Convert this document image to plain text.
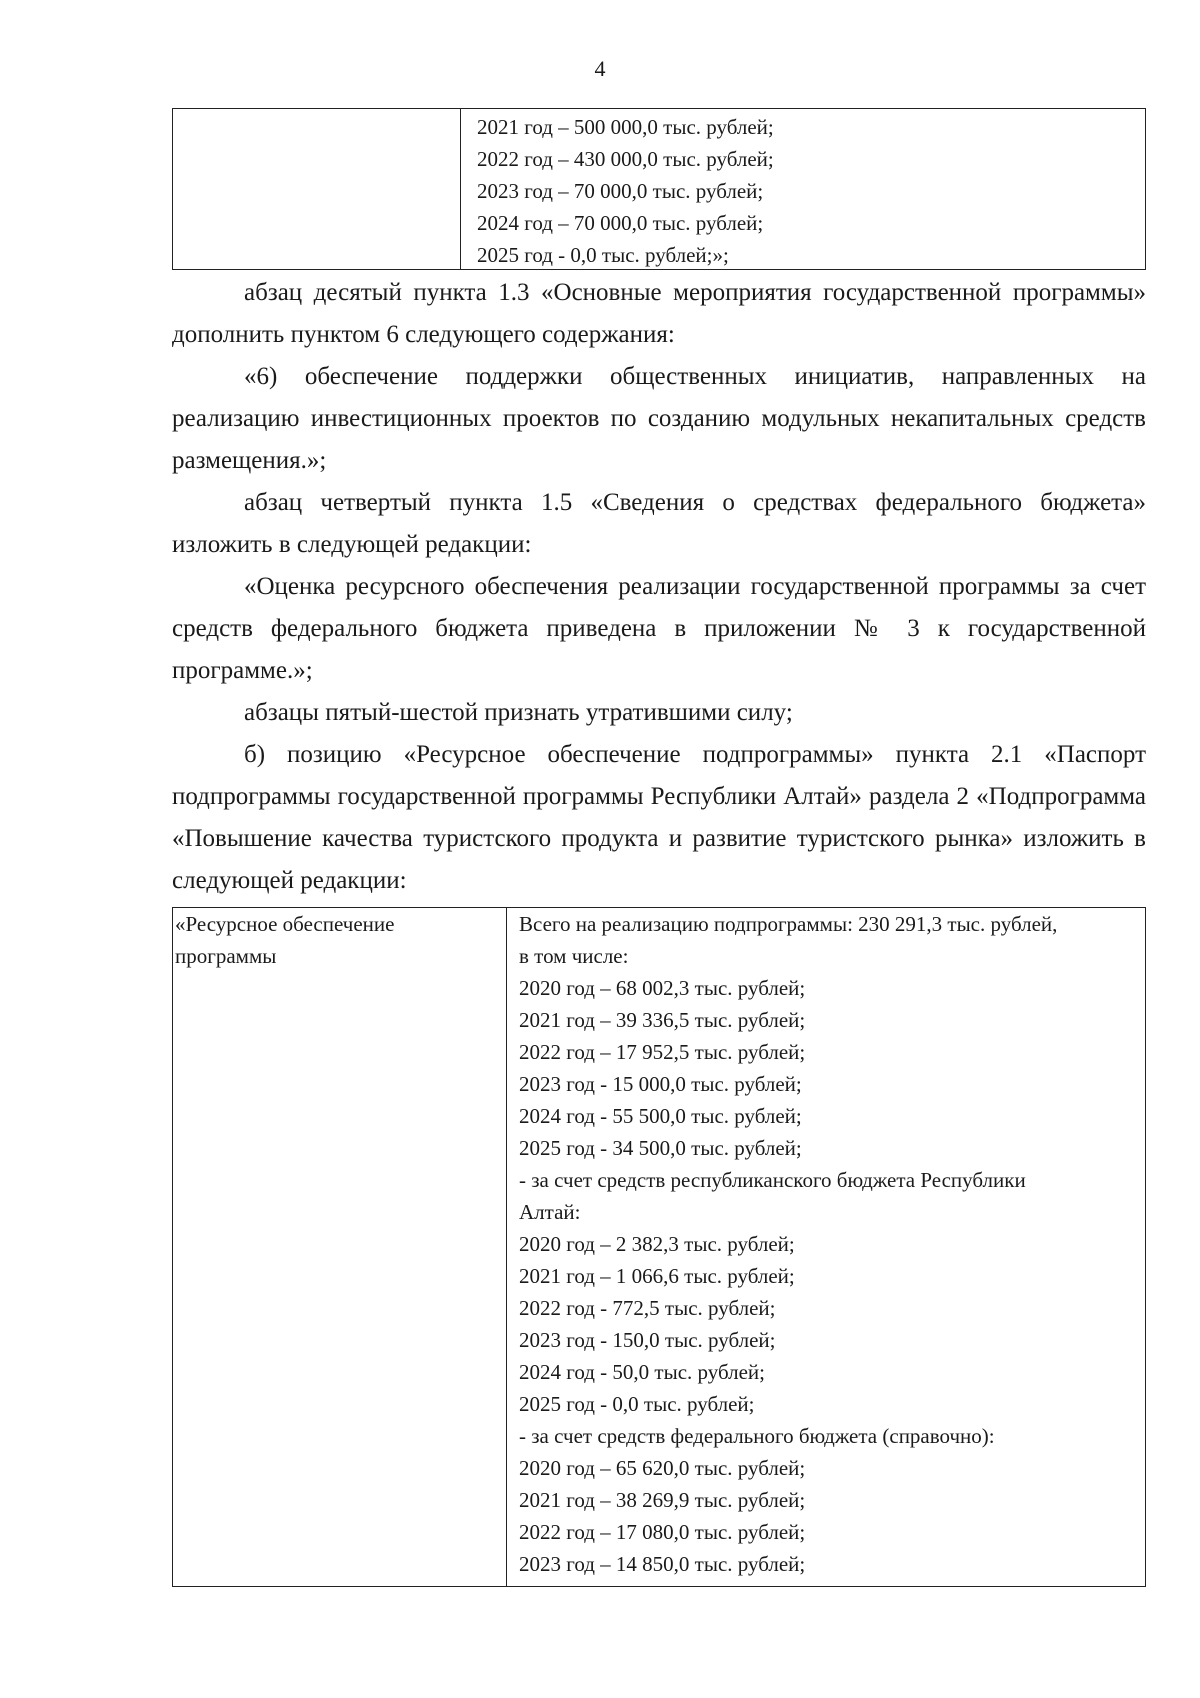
4
2021 год – 500 000,0 тыс. рублей;
2022 год – 430 000,0 тыс. рублей;
2023 год – 70 000,0 тыс. рублей;
2024 год – 70 000,0 тыс. рублей;
2025 год - 0,0 тыс. рублей;»;

абзац десятый пункта 1.3 «Основные мероприятия государственной программы» дополнить пунктом 6 следующего содержания:

«6) обеспечение поддержки общественных инициатив, направленных на реализацию инвестиционных проектов по созданию модульных некапитальных средств размещения.»;

абзац четвертый пункта 1.5 «Сведения о средствах федерального бюджета» изложить в следующей редакции:

«Оценка ресурсного обеспечения реализации государственной программы за счет средств федерального бюджета приведена в приложении № 3 к государственной программе.»;

абзацы пятый-шестой признать утратившими силу;

б) позицию «Ресурсное обеспечение подпрограммы» пункта 2.1 «Паспорт подпрограммы государственной программы Республики Алтай» раздела 2 «Подпрограмма «Повышение качества туристского продукта и развитие туристского рынка» изложить в следующей редакции:

«Ресурсное обеспечение
программы
Всего на реализацию подпрограммы: 230 291,3 тыс. рублей,
в том числе:
2020 год – 68 002,3 тыс. рублей;
2021 год – 39 336,5 тыс. рублей;
2022 год – 17 952,5 тыс. рублей;
2023 год - 15 000,0 тыс. рублей;
2024 год - 55 500,0 тыс. рублей;
2025 год - 34 500,0 тыс. рублей;
- за счет средств республиканского бюджета Республики
Алтай:
2020 год – 2 382,3 тыс. рублей;
2021 год – 1 066,6 тыс. рублей;
2022 год - 772,5 тыс. рублей;
2023 год - 150,0 тыс. рублей;
2024 год - 50,0 тыс. рублей;
2025 год - 0,0 тыс. рублей;
- за счет средств федерального бюджета (справочно):
2020 год – 65 620,0 тыс. рублей;
2021 год – 38 269,9 тыс. рублей;
2022 год – 17 080,0 тыс. рублей;
2023 год – 14 850,0 тыс. рублей;
